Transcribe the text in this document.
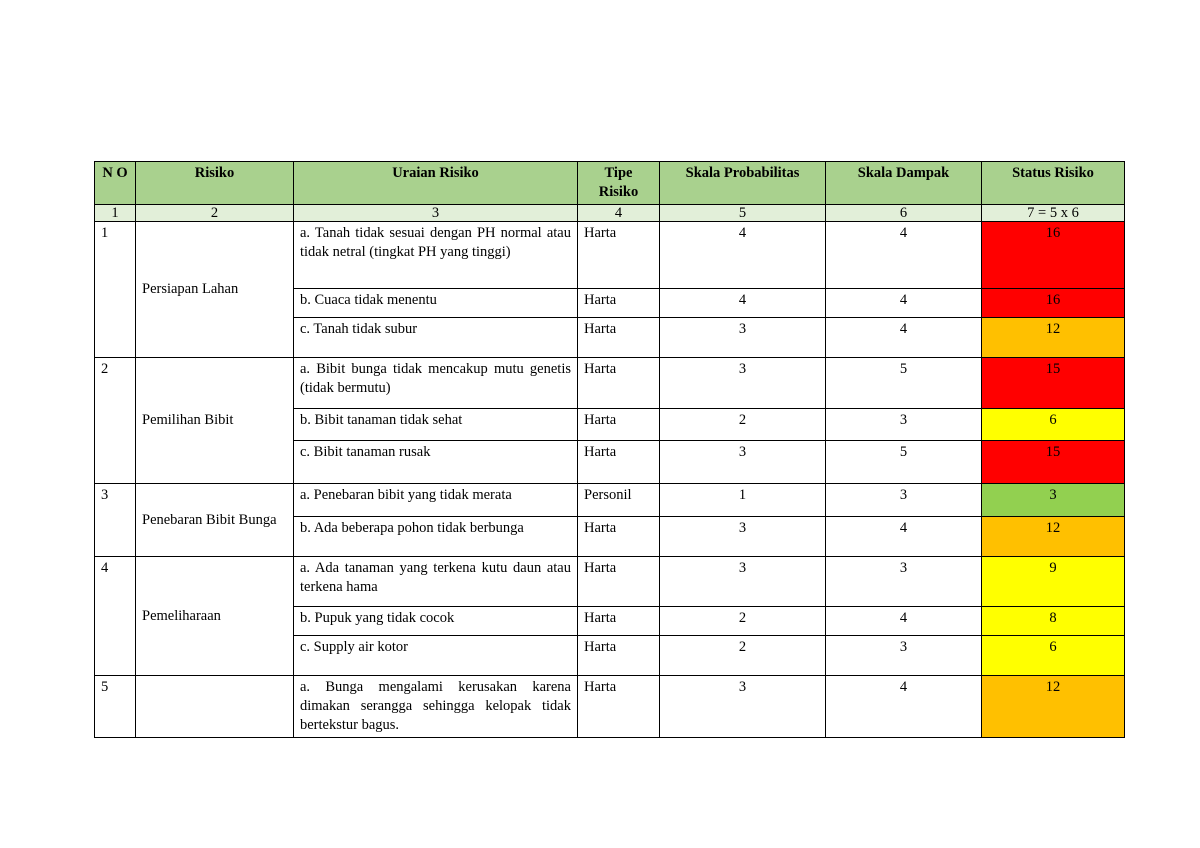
N O	Risiko	Uraian Risiko	Tipe Risiko	Skala Probabilitas	Skala Dampak	Status Risiko
1	2	3	4	5	6	7 = 5 x 6
1	Persiapan Lahan	a. Tanah tidak sesuai dengan PH normal atau tidak netral (tingkat PH yang tinggi)	Harta	4	4	16
		b. Cuaca tidak menentu	Harta	4	4	16
		c. Tanah tidak subur	Harta	3	4	12
2	Pemilihan Bibit	a. Bibit bunga tidak mencakup mutu genetis (tidak bermutu)	Harta	3	5	15
		b. Bibit tanaman tidak sehat	Harta	2	3	6
		c. Bibit tanaman rusak	Harta	3	5	15
3	Penebaran Bibit Bunga	a. Penebaran bibit yang tidak merata	Personil	1	3	3
		b. Ada beberapa pohon tidak berbunga	Harta	3	4	12
4	Pemeliharaan	a. Ada tanaman yang terkena kutu daun atau terkena hama	Harta	3	3	9
		b. Pupuk yang tidak cocok	Harta	2	4	8
		c. Supply air kotor	Harta	2	3	6
5		a. Bunga mengalami kerusakan karena dimakan serangga sehingga kelopak tidak bertekstur bagus.	Harta	3	4	12
